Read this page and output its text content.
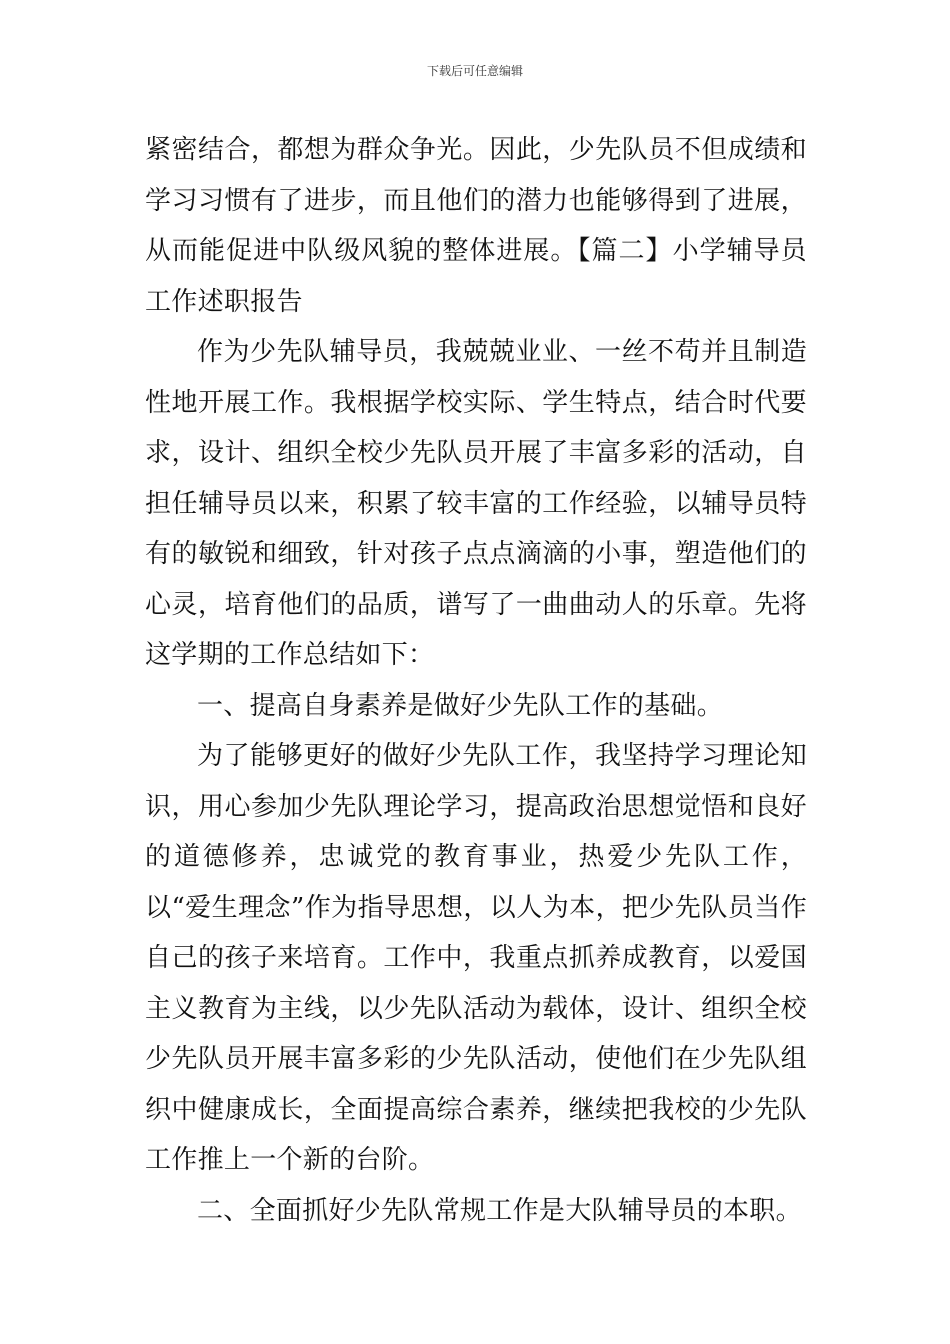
下载后可任意编辑

紧密结合，都想为群众争光。因此，少先队员不但成绩和学习习惯有了进步，而且他们的潜力也能够得到了进展，从而能促进中队级风貌的整体进展。【篇二】小学辅导员工作述职报告

作为少先队辅导员，我兢兢业业、一丝不苟并且制造性地开展工作。我根据学校实际、学生特点，结合时代要求，设计、组织全校少先队员开展了丰富多彩的活动，自担任辅导员以来，积累了较丰富的工作经验，以辅导员特有的敏锐和细致，针对孩子点点滴滴的小事，塑造他们的心灵，培育他们的品质，谱写了一曲曲动人的乐章。先将这学期的工作总结如下：

一、提高自身素养是做好少先队工作的基础。

为了能够更好的做好少先队工作，我坚持学习理论知识，用心参加少先队理论学习，提高政治思想觉悟和良好的道德修养，忠诚党的教育事业，热爱少先队工作，以“爱生理念”作为指导思想，以人为本，把少先队员当作自己的孩子来培育。工作中，我重点抓养成教育，以爱国主义教育为主线，以少先队活动为载体，设计、组织全校少先队员开展丰富多彩的少先队活动，使他们在少先队组织中健康成长，全面提高综合素养，继续把我校的少先队工作推上一个新的台阶。

二、全面抓好少先队常规工作是大队辅导员的本职。
